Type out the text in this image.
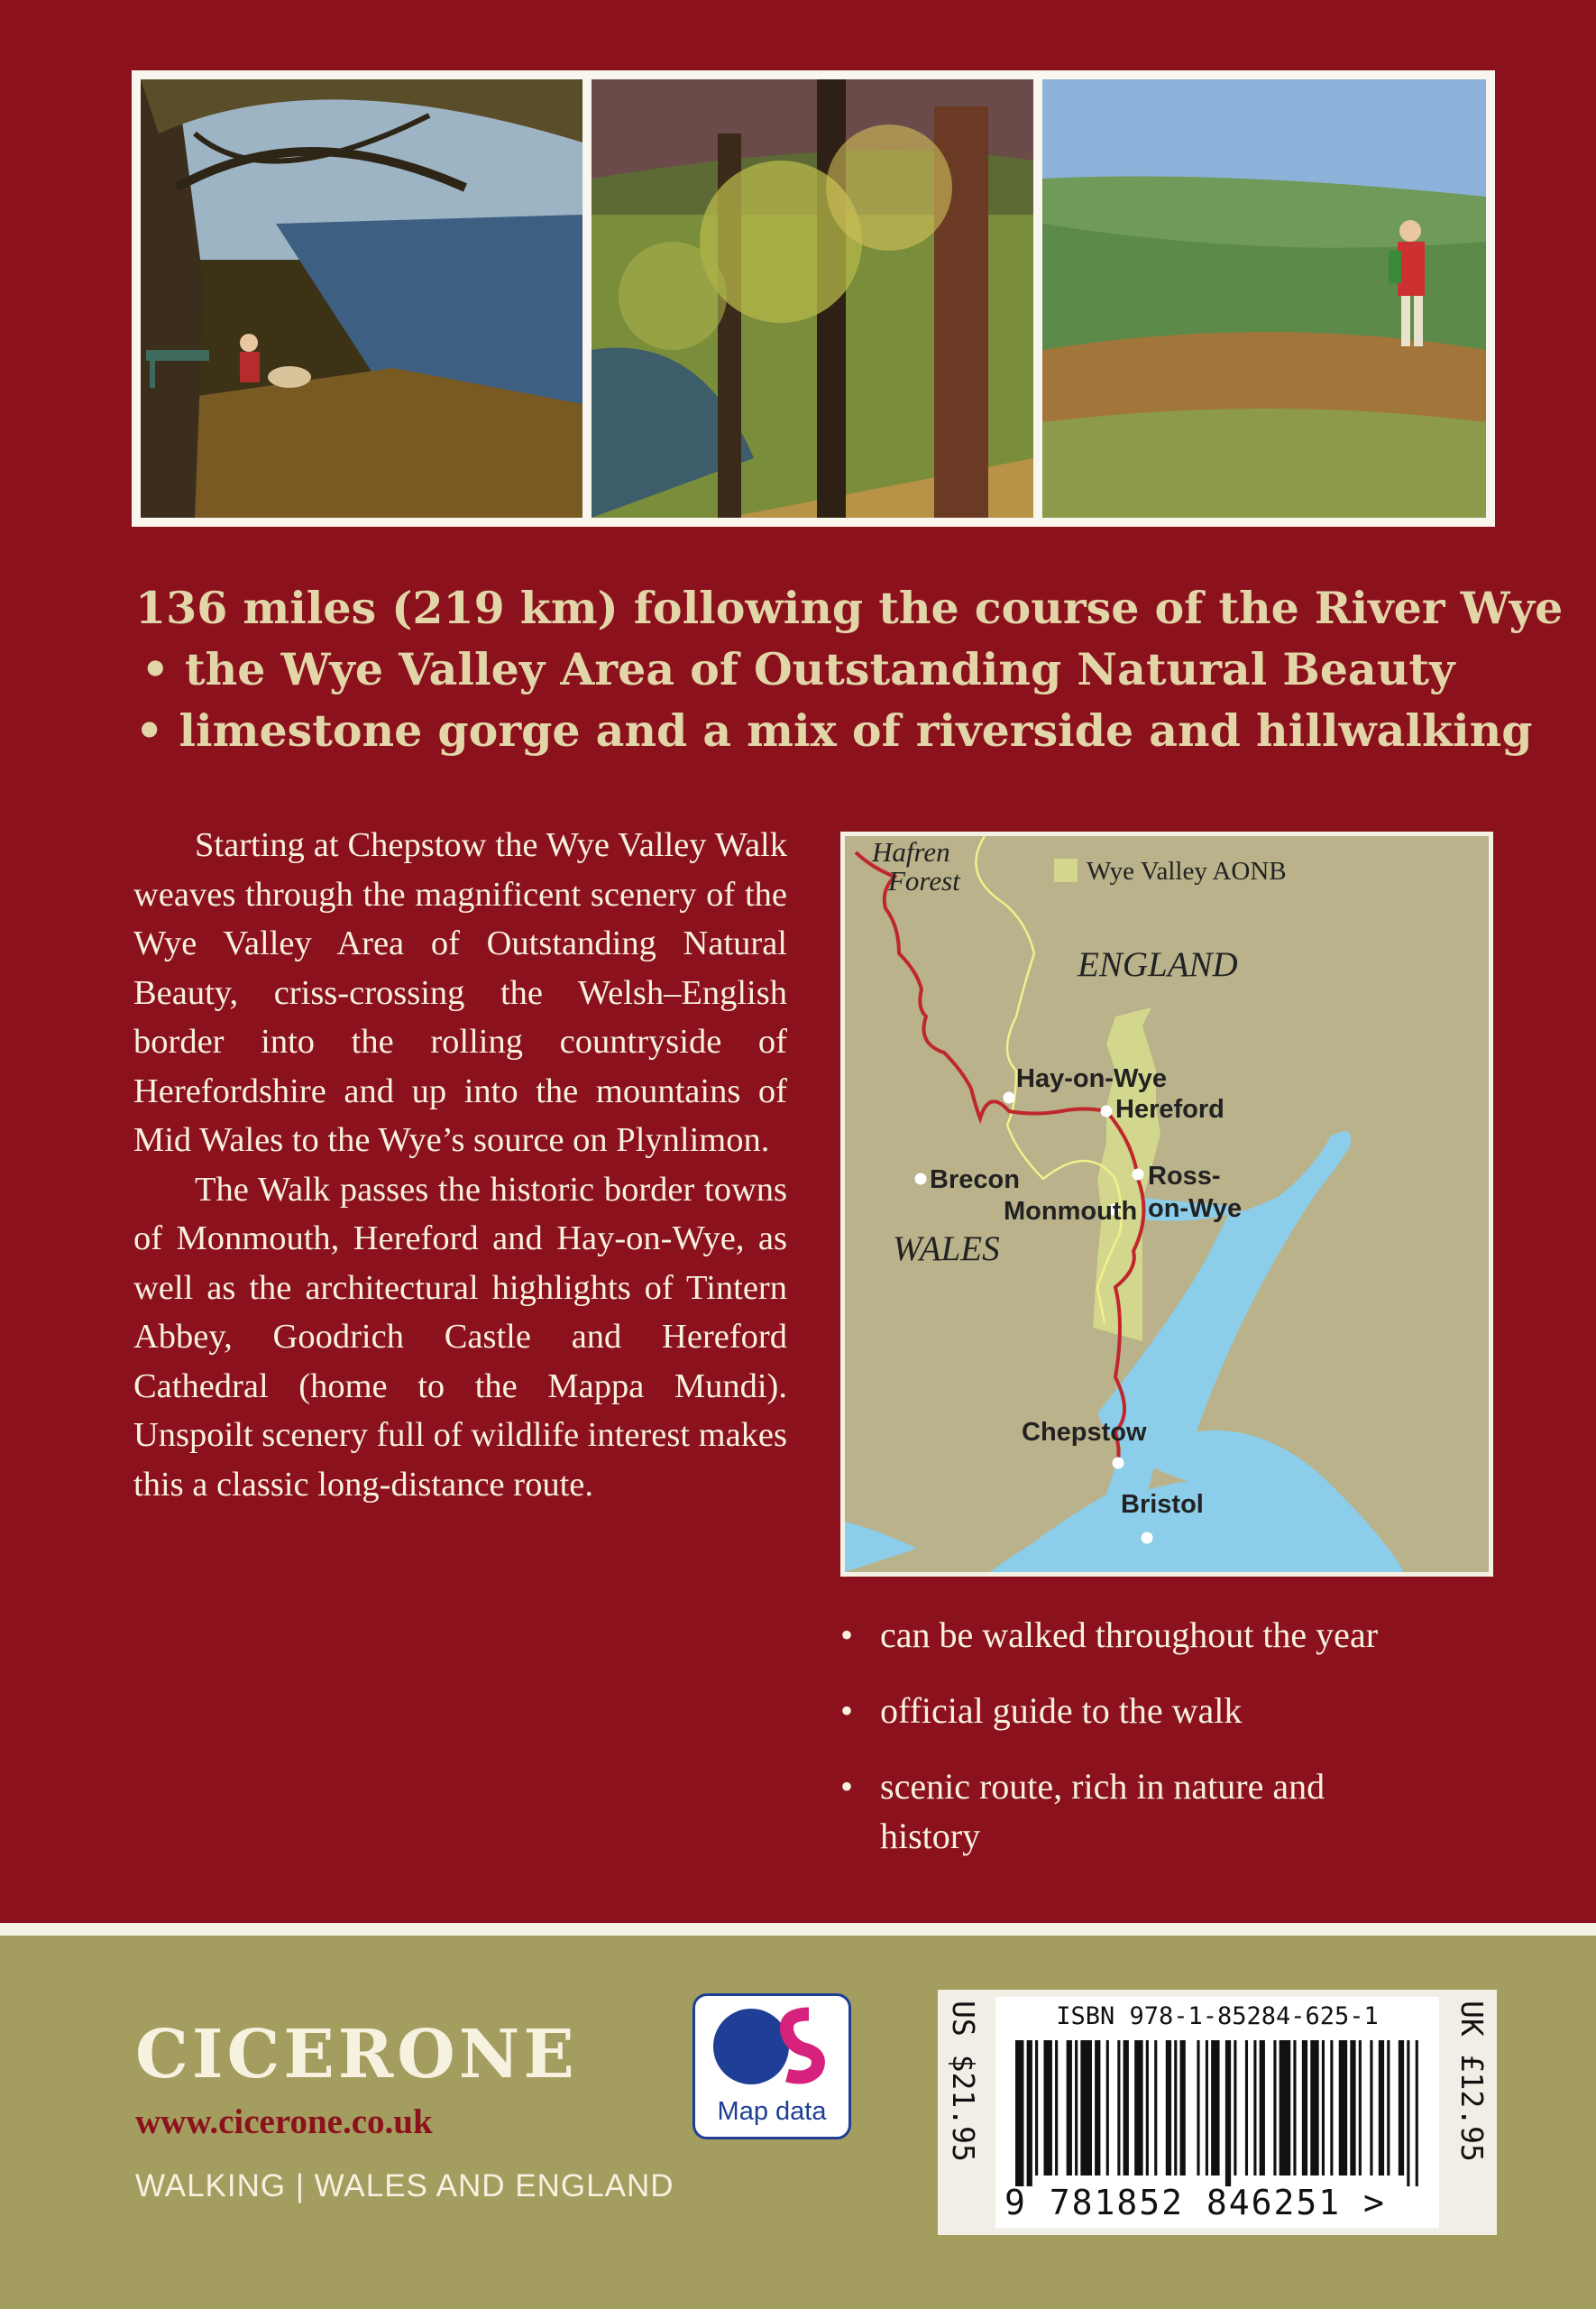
136 miles (219 km) following the course of the River Wye
• the Wye Valley Area of Outstanding Natural Beauty
• limestone gorge and a mix of riverside and hillwalking

Starting at Chepstow the Wye Valley Walk weaves through the magnificent scenery of the Wye Valley Area of Outstanding Natural Beauty, criss-crossing the Welsh–English border into the rolling countryside of Herefordshire and up into the mountains of Mid Wales to the Wye’s source on Plynlimon.

The Walk passes the historic border towns of Monmouth, Hereford and Hay-on-Wye, as well as the architectural highlights of Tintern Abbey, Goodrich Castle and Hereford Cathedral (home to the Mappa Mundi). Unspoilt scenery full of wildlife interest makes this a classic long-distance route.

Wye Valley AONB
ENGLAND
WALES
Hafren
Forest
Hay-on-Wye
Hereford
Brecon	Ross-
on-Wye
Monmouth
Chepstow
Bristol
• can be walked throughout the year
• official guide to the walk
• scenic route, rich in nature and history
CICERONE
www.cicerone.co.uk
WALKING | WALES AND ENGLAND
Map data	US $21.95	ISBN 978-1-85284-625-1
9 781852 846251 >
UK £12.95
